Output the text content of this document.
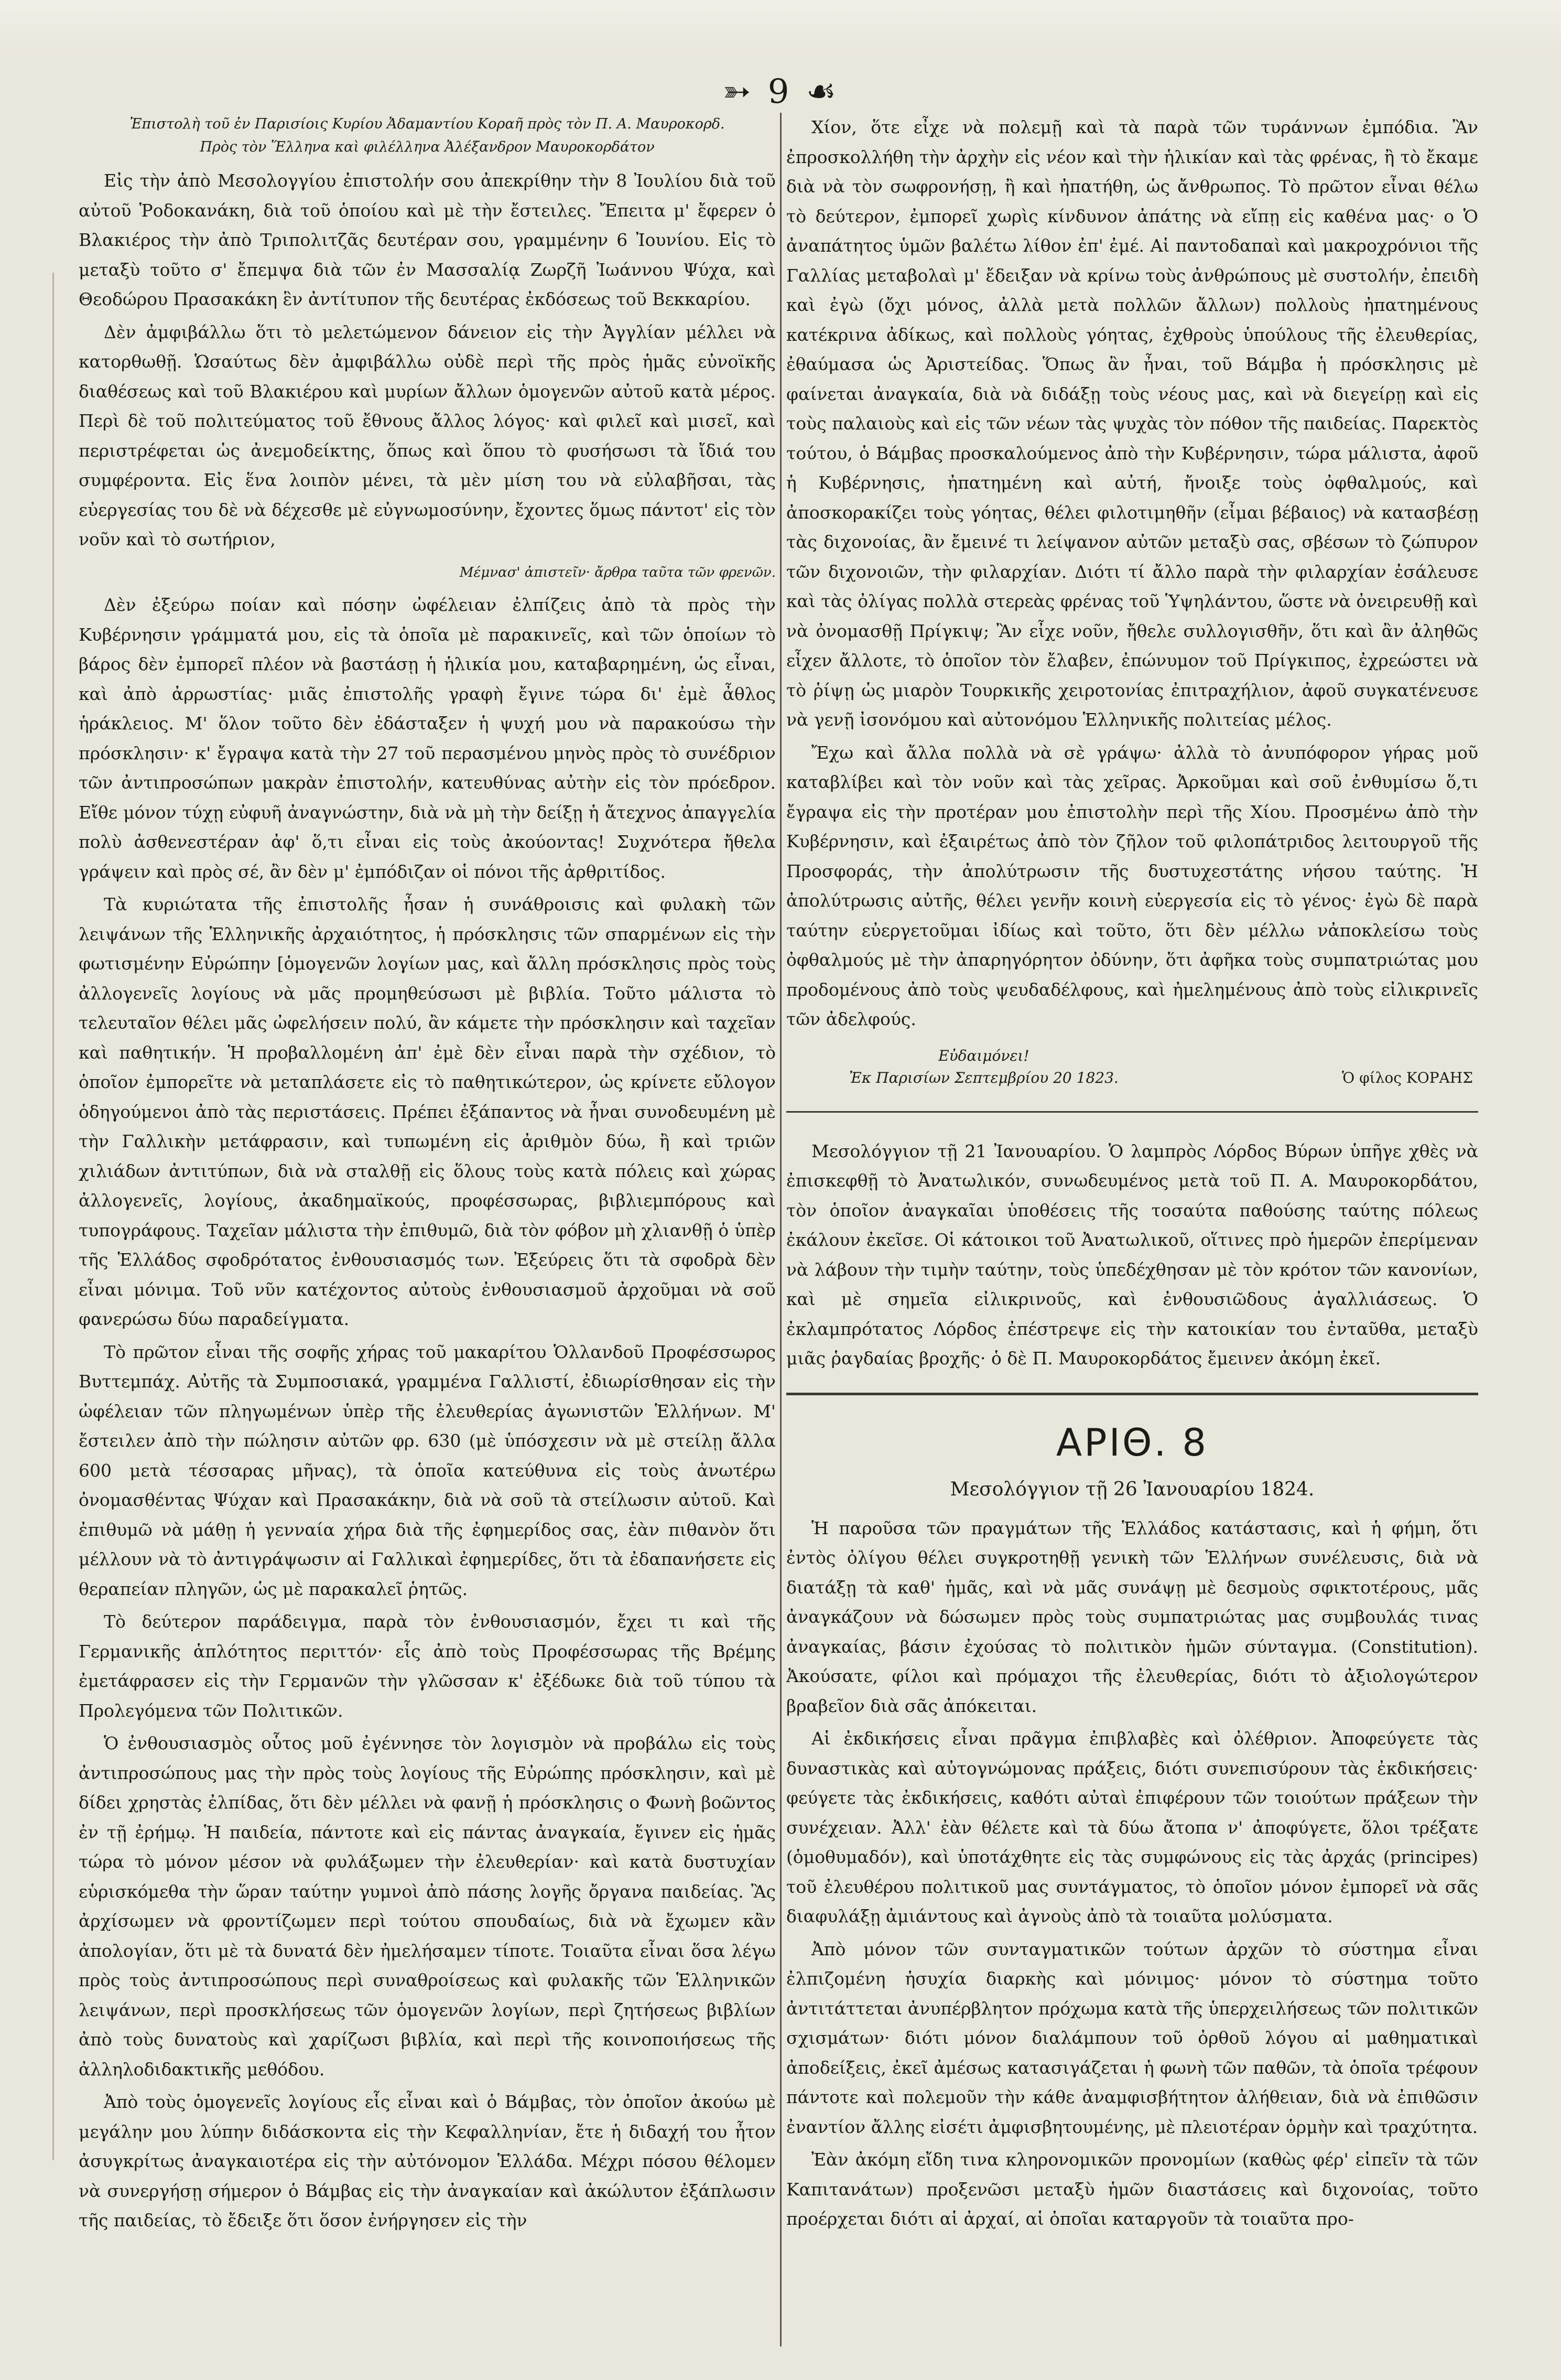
➳ 9 ☙
Ἐπιστολὴ τοῦ ἐν Παρισίοις Κυρίου Ἀδαμαντίου Κοραῆ πρὸς τὸν Π. Α. Μαυροκορδ.
Πρὸς τὸν Ἕλληνα καὶ φιλέλληνα Ἀλέξανδρον Μαυροκορδάτον

Εἰς τὴν ἀπὸ Μεσολογγίου ἐπιστολήν σου ἀπεκρίθην τὴν 8 Ἰουλίου διὰ τοῦ αὐτοῦ Ῥοδοκανάκη, διὰ τοῦ ὁποίου καὶ μὲ τὴν ἔστειλες. Ἔπειτα μ' ἔφερεν ὁ Βλακιέρος τὴν ἀπὸ Τριπολιτζᾶς δευτέραν σου, γραμμένην 6 Ἰουνίου. Εἰς τὸ μεταξὺ τοῦτο σ' ἔπεμψα διὰ τῶν ἐν Μασσαλίᾳ Ζωρζῆ Ἰωάννου Ψύχα, καὶ Θεοδώρου Πρασακάκη ἓν ἀντίτυπον τῆς δευτέρας ἐκδόσεως τοῦ Βεκκαρίου.

Δὲν ἀμφιβάλλω ὅτι τὸ μελετώμενον δάνειον εἰς τὴν Ἀγγλίαν μέλλει νὰ κατορθωθῇ. Ὡσαύτως δὲν ἀμφιβάλλω οὐδὲ περὶ τῆς πρὸς ἡμᾶς εὐνοϊκῆς διαθέσεως καὶ τοῦ Βλακιέρου καὶ μυρίων ἄλλων ὁμογενῶν αὐτοῦ κατὰ μέρος. Περὶ δὲ τοῦ πολιτεύματος τοῦ ἔθνους ἄλλος λόγος· καὶ φιλεῖ καὶ μισεῖ, καὶ περιστρέφεται ὡς ἀνεμοδείκτης, ὅπως καὶ ὅπου τὸ φυσήσωσι τὰ ἴδιά του συμφέροντα. Εἰς ἕνα λοιπὸν μένει, τὰ μὲν μίση του νὰ εὐλαβῆσαι, τὰς εὐεργεσίας του δὲ νὰ δέχεσθε μὲ εὐγνωμοσύνην, ἔχοντες ὅμως πάντοτ' εἰς τὸν νοῦν καὶ τὸ σωτήριον,

Μέμνασ' ἀπιστεῖν· ἄρθρα ταῦτα τῶν φρενῶν.

Δὲν ἐξεύρω ποίαν καὶ πόσην ὠφέλειαν ἐλπίζεις ἀπὸ τὰ πρὸς τὴν Κυβέρνησιν γράμματά μου, εἰς τὰ ὁποῖα μὲ παρακινεῖς, καὶ τῶν ὁποίων τὸ βάρος δὲν ἐμπορεῖ πλέον νὰ βαστάσῃ ἡ ἡλικία μου, καταβαρημένη, ὡς εἶναι, καὶ ἀπὸ ἀρρωστίας· μιᾶς ἐπιστολῆς γραφὴ ἔγινε τώρα δι' ἐμὲ ἆθλος ἡράκλειος. Μ' ὅλον τοῦτο δὲν ἐδάσταξεν ἡ ψυχή μου νὰ παρακούσω τὴν πρόσκλησιν· κ' ἔγραψα κατὰ τὴν 27 τοῦ περασμένου μηνὸς πρὸς τὸ συνέδριον τῶν ἀντιπροσώπων μακρὰν ἐπιστολήν, κατευθύνας αὐτὴν εἰς τὸν πρόεδρον. Εἴθε μόνον τύχῃ εὐφυῆ ἀναγνώστην, διὰ νὰ μὴ τὴν δείξῃ ἡ ἄτεχνος ἀπαγγελία πολὺ ἀσθενεστέραν ἀφ' ὅ,τι εἶναι εἰς τοὺς ἀκούοντας! Συχνότερα ἤθελα γράψειν καὶ πρὸς σέ, ἂν δὲν μ' ἐμπόδιζαν οἱ πόνοι τῆς ἀρθριτίδος.

Τὰ κυριώτατα τῆς ἐπιστολῆς ἦσαν ἡ συνάθροισις καὶ φυλακὴ τῶν λειψάνων τῆς Ἑλληνικῆς ἀρχαιότητος, ἡ πρόσκλησις τῶν σπαρμένων εἰς τὴν φωτισμένην Εὐρώπην [ὁμογενῶν λογίων μας, καὶ ἄλλη πρόσκλησις πρὸς τοὺς ἀλλογενεῖς λογίους νὰ μᾶς προμηθεύσωσι μὲ βιβλία. Τοῦτο μάλιστα τὸ τελευταῖον θέλει μᾶς ὠφελήσειν πολύ, ἂν κάμετε τὴν πρόσκλησιν καὶ ταχεῖαν καὶ παθητικήν. Ἡ προβαλλομένη ἀπ' ἐμὲ δὲν εἶναι παρὰ τὴν σχέδιον, τὸ ὁποῖον ἐμπορεῖτε νὰ μεταπλάσετε εἰς τὸ παθητικώτερον, ὡς κρίνετε εὔλογον ὁδηγούμενοι ἀπὸ τὰς περιστάσεις. Πρέπει ἐξάπαντος νὰ ἦναι συνοδευμένη μὲ τὴν Γαλλικὴν μετάφρασιν, καὶ τυπωμένη εἰς ἀριθμὸν δύω, ἢ καὶ τριῶν χιλιάδων ἀντιτύπων, διὰ νὰ σταλθῇ εἰς ὅλους τοὺς κατὰ πόλεις καὶ χώρας ἀλλογενεῖς, λογίους, ἀκαδημαϊκούς, προφέσσωρας, βιβλιεμπόρους καὶ τυπογράφους. Ταχεῖαν μάλιστα τὴν ἐπιθυμῶ, διὰ τὸν φόβον μὴ χλιανθῇ ὁ ὑπὲρ τῆς Ἑλλάδος σφοδρότατος ἐνθουσιασμός των. Ἐξεύρεις ὅτι τὰ σφοδρὰ δὲν εἶναι μόνιμα. Τοῦ νῦν κατέχοντος αὐτοὺς ἐνθουσιασμοῦ ἀρχοῦμαι νὰ σοῦ φανερώσω δύω παραδείγματα.

Τὸ πρῶτον εἶναι τῆς σοφῆς χήρας τοῦ μακαρίτου Ὁλλανδοῦ Προφέσσωρος Βυττεμπάχ. Αὐτῆς τὰ Συμποσιακά, γραμμένα Γαλλιστί, ἐδιωρίσθησαν εἰς τὴν ὠφέλειαν τῶν πληγωμένων ὑπὲρ τῆς ἐλευθερίας ἀγωνιστῶν Ἑλλήνων. Μ' ἔστειλεν ἀπὸ τὴν πώλησιν αὐτῶν φρ. 630 (μὲ ὑπόσχεσιν νὰ μὲ στείλῃ ἄλλα 600 μετὰ τέσσαρας μῆνας), τὰ ὁποῖα κατεύθυνα εἰς τοὺς ἀνωτέρω ὀνομασθέντας Ψύχαν καὶ Πρασακάκην, διὰ νὰ σοῦ τὰ στείλωσιν αὐτοῦ. Καὶ ἐπιθυμῶ νὰ μάθῃ ἡ γενναία χήρα διὰ τῆς ἐφημερίδος σας, ἐὰν πιθανὸν ὅτι μέλλουν νὰ τὸ ἀντιγράψωσιν αἱ Γαλλικαὶ ἐφημερίδες, ὅτι τὰ ἐδαπανήσετε εἰς θεραπείαν πληγῶν, ὡς μὲ παρακαλεῖ ῥητῶς.

Τὸ δεύτερον παράδειγμα, παρὰ τὸν ἐνθουσιασμόν, ἔχει τι καὶ τῆς Γερμανικῆς ἁπλότητος περιττόν· εἷς ἀπὸ τοὺς Προφέσσωρας τῆς Βρέμης ἐμετάφρασεν εἰς τὴν Γερμανῶν τὴν γλῶσσαν κ' ἐξέδωκε διὰ τοῦ τύπου τὰ Προλεγόμενα τῶν Πολιτικῶν.

Ὁ ἐνθουσιασμὸς οὗτος μοῦ ἐγέννησε τὸν λογισμὸν νὰ προβάλω εἰς τοὺς ἀντιπροσώπους μας τὴν πρὸς τοὺς λογίους τῆς Εὐρώπης πρόσκλησιν, καὶ μὲ δίδει χρηστὰς ἐλπίδας, ὅτι δὲν μέλλει νὰ φανῇ ἡ πρόσκλησις ο Φωνὴ βοῶντος ἐν τῇ ἐρήμῳ. Ἡ παιδεία, πάντοτε καὶ εἰς πάντας ἀναγκαία, ἔγινεν εἰς ἡμᾶς τώρα τὸ μόνον μέσον νὰ φυλάξωμεν τὴν ἐλευθερίαν· καὶ κατὰ δυστυχίαν εὑρισκόμεθα τὴν ὥραν ταύτην γυμνοὶ ἀπὸ πάσης λογῆς ὄργανα παιδείας. Ἂς ἀρχίσωμεν νὰ φροντίζωμεν περὶ τούτου σπουδαίως, διὰ νὰ ἔχωμεν κἂν ἀπολογίαν, ὅτι μὲ τὰ δυνατά δὲν ἠμελήσαμεν τίποτε. Τοιαῦτα εἶναι ὅσα λέγω πρὸς τοὺς ἀντιπροσώπους περὶ συναθροίσεως καὶ φυλακῆς τῶν Ἑλληνικῶν λειψάνων, περὶ προσκλήσεως τῶν ὁμογενῶν λογίων, περὶ ζητήσεως βιβλίων ἀπὸ τοὺς δυνατοὺς καὶ χαρίζωσι βιβλία, καὶ περὶ τῆς κοινοποιήσεως τῆς ἀλληλοδιδακτικῆς μεθόδου.

Ἀπὸ τοὺς ὁμογενεῖς λογίους εἷς εἶναι καὶ ὁ Βάμβας, τὸν ὁποῖον ἀκούω μὲ μεγάλην μου λύπην διδάσκοντα εἰς τὴν Κεφαλληνίαν, ἔτε ἡ διδαχή του ἦτον ἀσυγκρίτως ἀναγκαιοτέρα εἰς τὴν αὐτόνομον Ἑλλάδα. Μέχρι πόσου θέλομεν νὰ συνεργήσῃ σήμερον ὁ Βάμβας εἰς τὴν ἀναγκαίαν καὶ ἀκώλυτον ἐξάπλωσιν τῆς παιδείας, τὸ ἔδειξε ὅτι ὅσον ἐνήργησεν εἰς τὴν

Χίον, ὅτε εἶχε νὰ πολεμῇ καὶ τὰ παρὰ τῶν τυράννων ἐμπόδια. Ἂν ἐπροσκολλήθη τὴν ἀρχὴν εἰς νέον καὶ τὴν ἡλικίαν καὶ τὰς φρένας, ἢ τὸ ἔκαμε διὰ νὰ τὸν σωφρονήσῃ, ἢ καὶ ἠπατήθη, ὡς ἄνθρωπος. Τὸ πρῶτον εἶναι θέλω τὸ δεύτερον, ἐμπορεῖ χωρὶς κίνδυνον ἀπάτης νὰ εἴπῃ εἰς καθένα μας· ο Ὁ ἀναπάτητος ὑμῶν βαλέτω λίθον ἐπ' ἐμέ. Αἱ παντοδαπαὶ καὶ μακροχρόνιοι τῆς Γαλλίας μεταβολαὶ μ' ἔδειξαν νὰ κρίνω τοὺς ἀνθρώπους μὲ συστολήν, ἐπειδὴ καὶ ἐγὼ (ὄχι μόνος, ἀλλὰ μετὰ πολλῶν ἄλλων) πολλοὺς ἠπατημένους κατέκρινα ἀδίκως, καὶ πολλοὺς γόητας, ἐχθροὺς ὑπούλους τῆς ἐλευθερίας, ἐθαύμασα ὡς Ἀριστείδας. Ὅπως ἂν ἦναι, τοῦ Βάμβα ἡ πρόσκλησις μὲ φαίνεται ἀναγκαία, διὰ νὰ διδάξῃ τοὺς νέους μας, καὶ νὰ διεγείρῃ καὶ εἰς τοὺς παλαιοὺς καὶ εἰς τῶν νέων τὰς ψυχὰς τὸν πόθον τῆς παιδείας. Παρεκτὸς τούτου, ὁ Βάμβας προσκαλούμενος ἀπὸ τὴν Κυβέρνησιν, τώρα μάλιστα, ἀφοῦ ἡ Κυβέρνησις, ἠπατημένη καὶ αὐτή, ἤνοιξε τοὺς ὀφθαλμούς, καὶ ἀποσκορακίζει τοὺς γόητας, θέλει φιλοτιμηθῆν (εἶμαι βέβαιος) νὰ κατασβέσῃ τὰς διχονοίας, ἂν ἔμεινέ τι λείψανον αὐτῶν μεταξὺ σας, σβέσων τὸ ζώπυρον τῶν διχονοιῶν, τὴν φιλαρχίαν. Διότι τί ἄλλο παρὰ τὴν φιλαρχίαν ἐσάλευσε καὶ τὰς ὀλίγας πολλὰ στερεὰς φρένας τοῦ Ὑψηλάντου, ὥστε νὰ ὀνειρευθῇ καὶ νὰ ὀνομασθῇ Πρίγκιψ; Ἂν εἶχε νοῦν, ἤθελε συλλογισθῆν, ὅτι καὶ ἂν ἀληθῶς εἶχεν ἄλλοτε, τὸ ὁποῖον τὸν ἔλαβεν, ἐπώνυμον τοῦ Πρίγκιπος, ἐχρεώστει νὰ τὸ ῥίψῃ ὡς μιαρὸν Τουρκικῆς χειροτονίας ἐπιτραχήλιον, ἀφοῦ συγκατένευσε νὰ γενῇ ἰσονόμου καὶ αὐτονόμου Ἑλληνικῆς πολιτείας μέλος.

Ἔχω καὶ ἄλλα πολλὰ νὰ σὲ γράψω· ἀλλὰ τὸ ἀνυπόφορον γήρας μοῦ καταβλίβει καὶ τὸν νοῦν καὶ τὰς χεῖρας. Ἀρκοῦμαι καὶ σοῦ ἐνθυμίσω ὅ,τι ἔγραψα εἰς τὴν προτέραν μου ἐπιστολὴν περὶ τῆς Χίου. Προσμένω ἀπὸ τὴν Κυβέρνησιν, καὶ ἐξαιρέτως ἀπὸ τὸν ζῆλον τοῦ φιλοπάτριδος λειτουργοῦ τῆς Προσφοράς, τὴν ἀπολύτρωσιν τῆς δυστυχεστάτης νήσου ταύτης. Ἡ ἀπολύτρωσις αὐτῆς, θέλει γενῆν κοινὴ εὐεργεσία εἰς τὸ γένος· ἐγὼ δὲ παρὰ ταύτην εὐεργετοῦμαι ἰδίως καὶ τοῦτο, ὅτι δὲν μέλλω νἀποκλείσω τοὺς ὀφθαλμούς μὲ τὴν ἀπαρηγόρητον ὀδύνην, ὅτι ἀφῆκα τοὺς συμπατριώτας μου προδομένους ἀπὸ τοὺς ψευδαδέλφους, καὶ ἠμελημένους ἀπὸ τοὺς εἰλικρινεῖς τῶν ἀδελφούς.

Εὐδαιμόνει!
Ἐκ Παρισίων Σεπτεμβρίου 20 1823.	Ὁ φίλος ΚΟΡΑΗΣ

Μεσολόγγιον τῇ 21 Ἰανουαρίου. Ὁ λαμπρὸς Λόρδος Βύρων ὑπῆγε χθὲς νὰ ἐπισκεφθῇ τὸ Ἀνατωλικόν, συνωδευμένος μετὰ τοῦ Π. Α. Μαυροκορδάτου, τὸν ὁποῖον ἀναγκαῖαι ὑποθέσεις τῆς τοσαύτα παθούσης ταύτης πόλεως ἐκάλουν ἐκεῖσε. Οἱ κάτοικοι τοῦ Ἀνατωλικοῦ, οἵτινες πρὸ ἡμερῶν ἐπερίμεναν νὰ λάβουν τὴν τιμὴν ταύτην, τοὺς ὑπεδέχθησαν μὲ τὸν κρότον τῶν κανονίων, καὶ μὲ σημεῖα εἰλικρινοῦς, καὶ ἐνθουσιῶδους ἀγαλλιάσεως. Ὁ ἐκλαμπρότατος Λόρδος ἐπέστρεψε εἰς τὴν κατοικίαν του ἐνταῦθα, μεταξὺ μιᾶς ῥαγδαίας βροχῆς· ὁ δὲ Π. Μαυροκορδάτος ἔμεινεν ἀκόμη ἐκεῖ.

ΑΡΙΘ. 8
Μεσολόγγιον τῇ 26 Ἰανουαρίου 1824.

Ἡ παροῦσα τῶν πραγμάτων τῆς Ἑλλάδος κατάστασις, καὶ ἡ φήμη, ὅτι ἐντὸς ὀλίγου θέλει συγκροτηθῇ γενικὴ τῶν Ἑλλήνων συνέλευσις, διὰ νὰ διατάξῃ τὰ καθ' ἡμᾶς, καὶ νὰ μᾶς συνάψῃ μὲ δεσμοὺς σφικτοτέρους, μᾶς ἀναγκάζουν νὰ δώσωμεν πρὸς τοὺς συμπατριώτας μας συμβουλάς τινας ἀναγκαίας, βάσιν ἐχούσας τὸ πολιτικὸν ἡμῶν σύνταγμα. (Constitution). Ἀκούσατε, φίλοι καὶ πρόμαχοι τῆς ἐλευθερίας, διότι τὸ ἀξιολογώτερον βραβεῖον διὰ σᾶς ἀπόκειται.

Αἱ ἐκδικήσεις εἶναι πρᾶγμα ἐπιβλαβὲς καὶ ὀλέθριον. Ἀποφεύγετε τὰς δυναστικὰς καὶ αὐτογνώμονας πράξεις, διότι συνεπισύρουν τὰς ἐκδικήσεις· φεύγετε τὰς ἐκδικήσεις, καθότι αὐταὶ ἐπιφέρουν τῶν τοιούτων πράξεων τὴν συνέχειαν. Ἀλλ' ἐὰν θέλετε καὶ τὰ δύω ἄτοπα ν' ἀποφύγετε, ὅλοι τρέξατε (ὁμοθυμαδόν), καὶ ὑποτάχθητε εἰς τὰς συμφώνους εἰς τὰς ἀρχάς (principes) τοῦ ἐλευθέρου πολιτικοῦ μας συντάγματος, τὸ ὁποῖον μόνον ἐμπορεῖ νὰ σᾶς διαφυλάξῃ ἀμιάντους καὶ ἀγνοὺς ἀπὸ τὰ τοιαῦτα μολύσματα.

Ἀπὸ μόνον τῶν συνταγματικῶν τούτων ἀρχῶν τὸ σύστημα εἶναι ἐλπιζομένη ἡσυχία διαρκὴς καὶ μόνιμος· μόνον τὸ σύστημα τοῦτο ἀντιτάττεται ἀνυπέρβλητον πρόχωμα κατὰ τῆς ὑπερχειλήσεως τῶν πολιτικῶν σχισμάτων· διότι μόνον διαλάμπουν τοῦ ὀρθοῦ λόγου αἱ μαθηματικαὶ ἀποδείξεις, ἐκεῖ ἀμέσως κατασιγάζεται ἡ φωνὴ τῶν παθῶν, τὰ ὁποῖα τρέφουν πάντοτε καὶ πολεμοῦν τὴν κάθε ἀναμφισβήτητον ἀλήθειαν, διὰ νὰ ἐπιθῶσιν ἐναντίον ἄλλης εἰσέτι ἀμφισβητουμένης, μὲ πλειοτέραν ὁρμὴν καὶ τραχύτητα.

Ἐὰν ἀκόμη εἴδη τινα κληρονομικῶν προνομίων (καθὼς φέρ' εἰπεῖν τὰ τῶν Καπιτανάτων) προξενῶσι μεταξὺ ἡμῶν διαστάσεις καὶ διχονοίας, τοῦτο προέρχεται διότι αἱ ἀρχαί, αἱ ὁποῖαι καταργοῦν τὰ τοιαῦτα προ-
